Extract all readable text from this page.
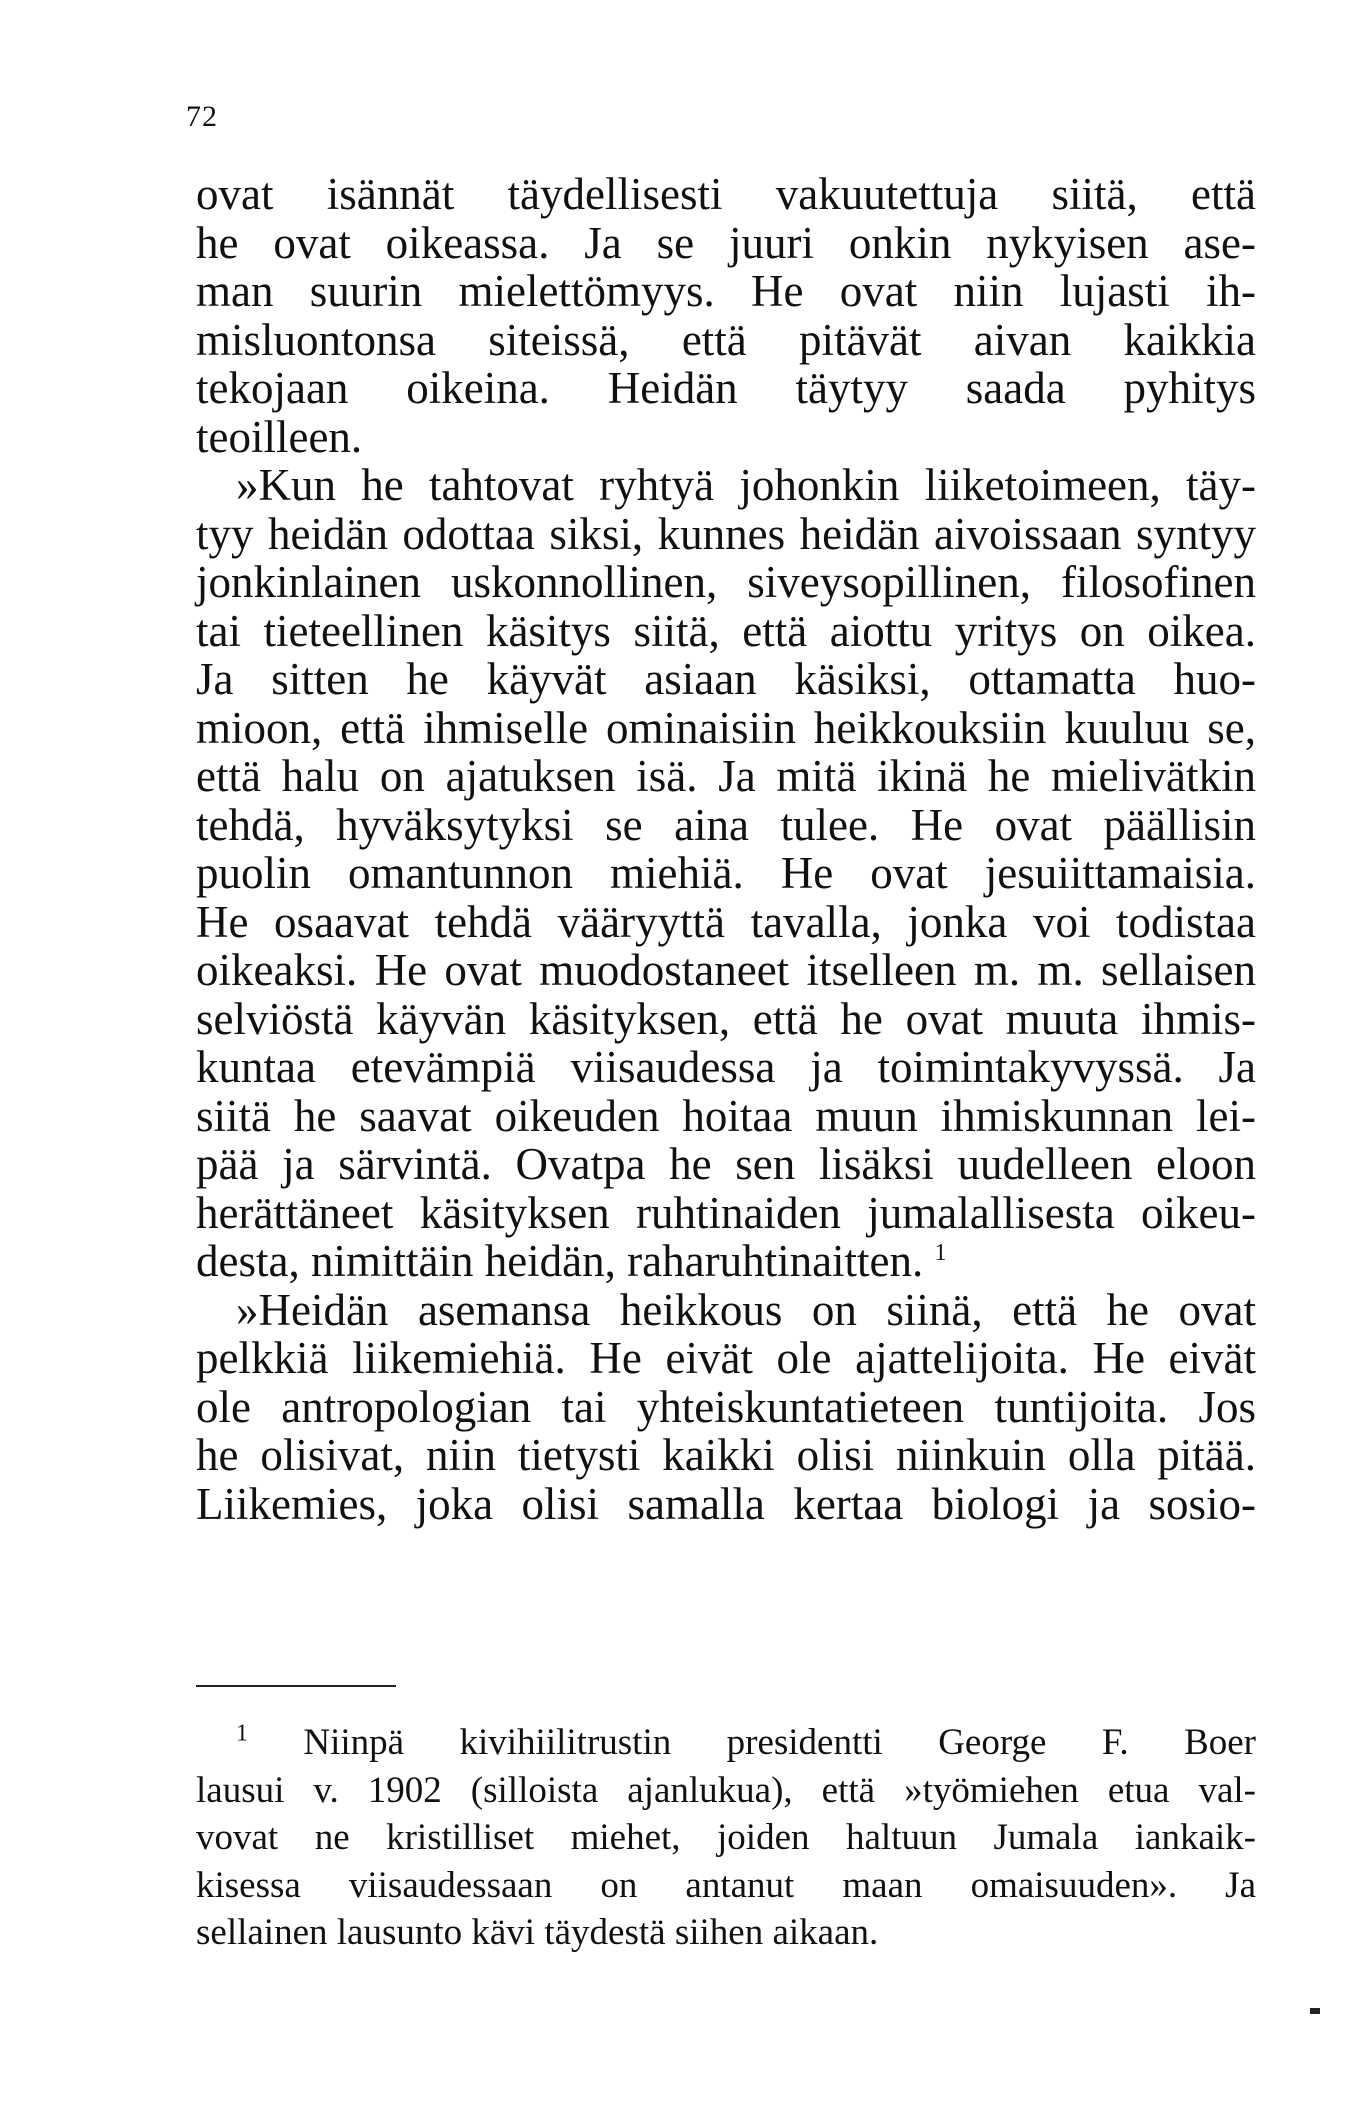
72
ovat isännät täydellisesti vakuutettuja siitä, että
he ovat oikeassa. Ja se juuri onkin nykyisen ase-
man suurin mielettömyys. He ovat niin lujasti ih-
misluontonsa siteissä, että pitävät aivan kaikkia
tekojaan oikeina. Heidän täytyy saada pyhitys
teoilleen.
»Kun he tahtovat ryhtyä johonkin liiketoimeen, täy-
tyy heidän odottaa siksi, kunnes heidän aivoissaan syntyy
jonkinlainen uskonnollinen, siveysopillinen, filosofinen
tai tieteellinen käsitys siitä, että aiottu yritys on oikea.
Ja sitten he käyvät asiaan käsiksi, ottamatta huo-
mioon, että ihmiselle ominaisiin heikkouksiin kuuluu se,
että halu on ajatuksen isä. Ja mitä ikinä he mielivätkin
tehdä, hyväksytyksi se aina tulee. He ovat päällisin
puolin omantunnon miehiä. He ovat jesuiittamaisia.
He osaavat tehdä vääryyttä tavalla, jonka voi todistaa
oikeaksi. He ovat muodostaneet itselleen m. m. sellaisen
selviöstä käyvän käsityksen, että he ovat muuta ihmis-
kuntaa etevämpiä viisaudessa ja toimintakyvyssä. Ja
siitä he saavat oikeuden hoitaa muun ihmiskunnan lei-
pää ja särvintä. Ovatpa he sen lisäksi uudelleen eloon
herättäneet käsityksen ruhtinaiden jumalallisesta oikeu-
desta, nimittäin heidän, raharuhtinaitten. $^1$
»Heidän asemansa heikkous on siinä, että he ovat
pelkkiä liikemiehiä. He eivät ole ajattelijoita. He eivät
ole antropologian tai yhteiskuntatieteen tuntijoita. Jos
he olisivat, niin tietysti kaikki olisi niinkuin olla pitää.
Liikemies, joka olisi samalla kertaa biologi ja sosio-
$^1$ Niinpä kivihiilitrustin presidentti George F. Boer
lausui v. 1902 (silloista ajanlukua), että »työmiehen etua val-
vovat ne kristilliset miehet, joiden haltuun Jumala iankaik-
kisessa viisaudessaan on antanut maan omaisuuden». Ja
sellainen lausunto kävi täydestä siihen aikaan.
